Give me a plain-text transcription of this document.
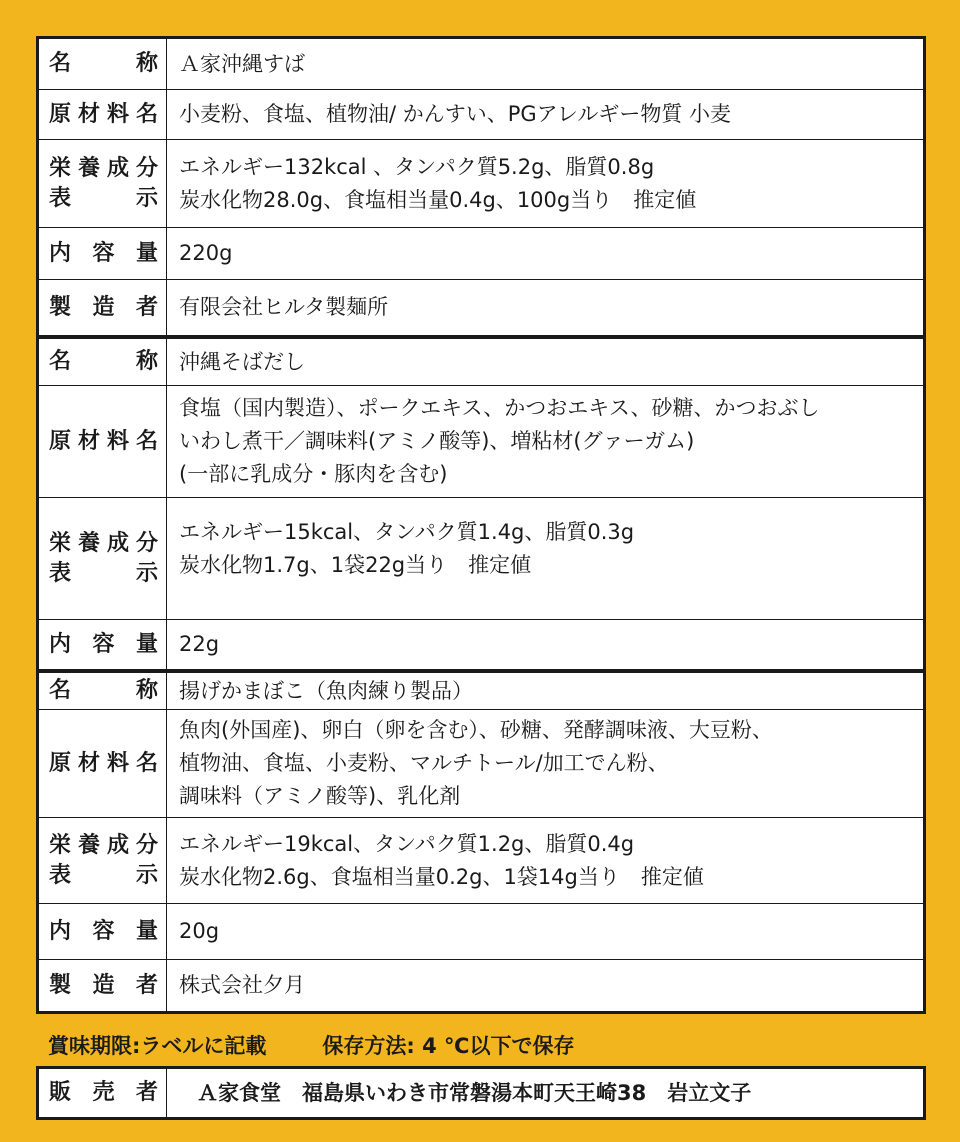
名　　称 Ａ家沖縄すば
原材料名 小麦粉、食塩、植物油/ かんすい、PGアレルギー物質 小麦
栄養成分
表　　示
エネルギー132kcal 、タンパク質5.2g、脂質0.8g
炭水化物28.0g、食塩相当量0.4g、100g当り　推定値
内 容 量 220g
製 造 者 有限会社ヒルタ製麺所
名　　称 沖縄そばだし
原材料名
食塩（国内製造）、ポークエキス、かつおエキス、砂糖、かつおぶし
いわし煮干／調味料(アミノ酸等)、増粘材(グァーガム)
(一部に乳成分・豚肉を含む)
栄養成分
表　　示
エネルギー15kcal、タンパク質1.4g、脂質0.3g
炭水化物1.7g、1袋22g当り　推定値
内 容 量 22g
名　　称 揚げかまぼこ（魚肉練り製品）
原材料名
魚肉(外国産)、卵白（卵を含む）、砂糖、発酵調味液、大豆粉、
植物油、食塩、小麦粉、マルチトール/加工でん粉、
調味料（アミノ酸等)、乳化剤
栄養成分
表　　示
エネルギー19kcal、タンパク質1.2g、脂質0.4g
炭水化物2.6g、食塩相当量0.2g、1袋14g当り　推定値
内 容 量 20g
製 造 者 株式会社夕月
賞味期限:ラベルに記載	保存方法: 4 ℃以下で保存
販 売 者 Ａ家食堂　福島県いわき市常磐湯本町天王崎38　岩立文子
